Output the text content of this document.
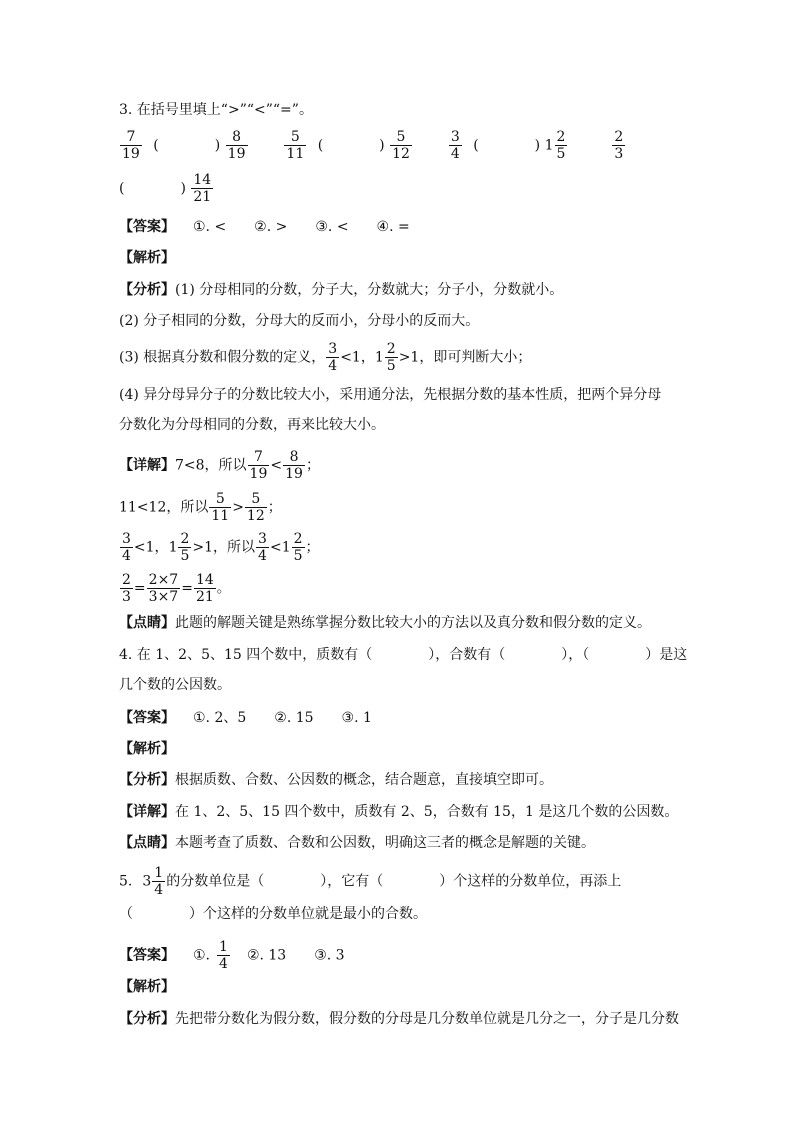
3. 在括号里填上“>”“<”“=”。
$\frac{7}{19}$ (　　　　) $\frac{8}{19}$
	$\frac{5}{11}$ (　　　　) $\frac{5}{12}$
	$\frac{3}{4}$ (　　　　) $1 \frac{2}{5}$
	$\frac{2}{3}$
(　　　　) $\frac{14}{21}$
【答案】 ①. <　　②. >　　③. <　　④. =
【解析】
【分析】(1) 分母相同的分数，分子大，分数就大；分子小，分数就小。
(2) 分子相同的分数，分母大的反而小，分母小的反而大。
(3) 根据真分数和假分数的定义， $\frac{3}{4} <1$，$1 \frac{2}{5} >1$，即可判断大小；
(4) 异分母异分子的分数比较大小，采用通分法，先根据分数的基本性质，把两个异分母
分数化为分母相同的分数，再来比较大小。
【详解】7<8，所以 $\frac{7}{19} < \frac{8}{19}$ ；
11<12，所以 $\frac{5}{11} > \frac{5}{12}$ ；
$\frac{3}{4} <1$，$1 \frac{2}{5} >1$，所以 $\frac{3}{4} <1 \frac{2}{5}$ ；
$\frac{2}{3} = \frac{2\times 7}{3\times 7} = \frac{14}{21}$ 。
【点睛】此题的解题关键是熟练掌握分数比较大小的方法以及真分数和假分数的定义。
4. 在 1、2、5、15 四个数中，质数有（　　　　），合数有（　　　　），（　　　　）是这
几个数的公因数。
【答案】 ①. 2、5　　②. 15　　③. 1
【解析】
【分析】根据质数、合数、公因数的概念，结合题意，直接填空即可。
【详解】在 1、2、5、15 四个数中，质数有 2、5，合数有 15，1 是这几个数的公因数。
【点睛】本题考查了质数、合数和公因数，明确这三者的概念是解题的关键。
5. $3 \frac{1}{4}$ 的分数单位是（　　　　），它有（　　　　）个这样的分数单位，再添上
（　　　　）个这样的分数单位就是最小的合数。
【答案】 ①. $\frac{1}{4}$ ②. 13　　③. 3
【解析】
【分析】先把带分数化为假分数，假分数的分母是几分数单位就是几分之一，分子是几分数
